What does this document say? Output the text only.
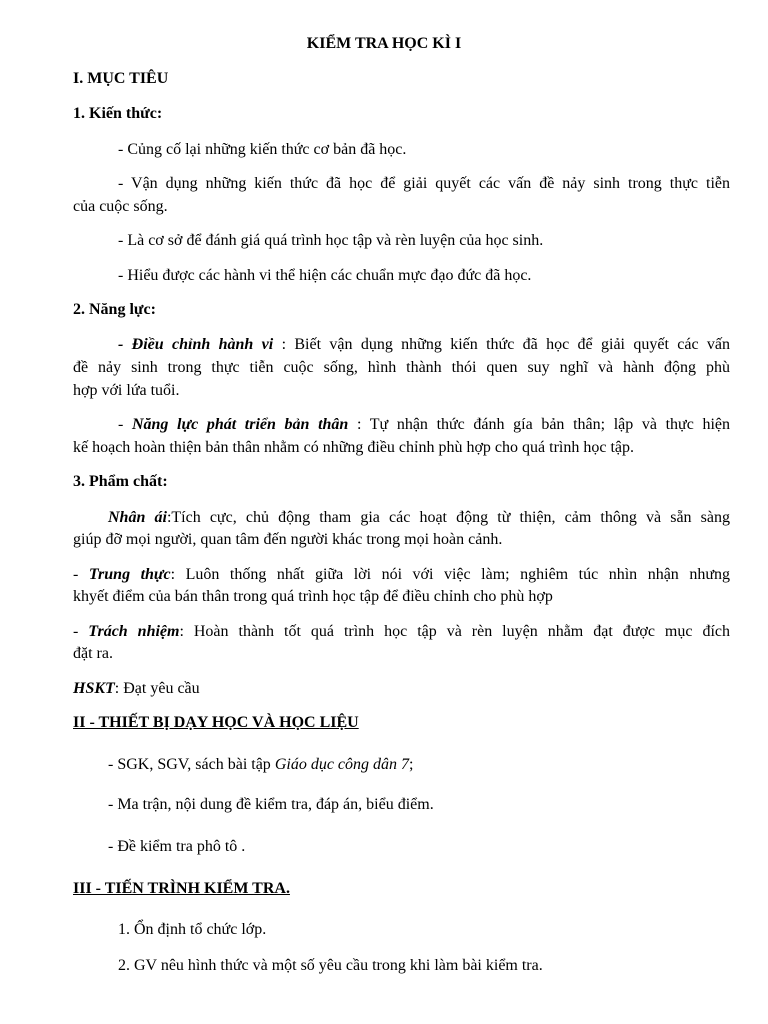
KIỂM TRA HỌC KÌ I

I. MỤC TIÊU

1. Kiến thức:

- Củng cố lại những kiến thức cơ bản đã học.

- Vận dụng những kiến thức đã học để giải quyết các vấn đề nảy sinh trong thực tiễn

của cuộc sống.

- Là cơ sở để đánh giá quá trình học tập và rèn luyện của học sinh.

- Hiểu được các hành vi thể hiện các chuẩn mực đạo đức đã học.

2. Năng lực:

- Điều chỉnh hành vi : Biết vận dụng những kiến thức đã học để giải quyết các vấn

đề nảy sinh trong thực tiễn cuộc sống, hình thành thói quen suy nghĩ và hành động phù

hợp với lứa tuổi.

- Năng lực phát triển bản thân : Tự nhận thức đánh gía bản thân; lập và thực hiện

kế hoạch hoàn thiện bản thân nhằm có những điều chỉnh phù hợp cho quá trình học tập.

3. Phẩm chất:

Nhân ái:Tích cực, chủ động tham gia các hoạt động từ thiện, cảm thông và sẵn sàng

giúp đỡ mọi người, quan tâm đến người khác trong mọi hoàn cảnh.

- Trung thực: Luôn thống nhất giữa lời nói với việc làm; nghiêm túc nhìn nhận nhưng

khyết điểm của bán thân trong quá trình học tập để điều chỉnh cho phù hợp

- Trách nhiệm: Hoàn thành tốt quá trình học tập và rèn luyện nhằm đạt được mục đích

đặt ra.

HSKT: Đạt yêu cầu

II - THIẾT BỊ DẠY HỌC VÀ HỌC LIỆU

- SGK, SGV, sách bài tập Giáo dục công dân 7;

- Ma trận, nội dung đề kiểm tra, đáp án, biểu điểm.

- Đề kiểm tra phô tô .

III - TIẾN TRÌNH KIỂM TRA.

1. Ổn định tổ chức lớp.

2. GV nêu hình thức và một số yêu cầu trong khi làm bài kiểm tra.
